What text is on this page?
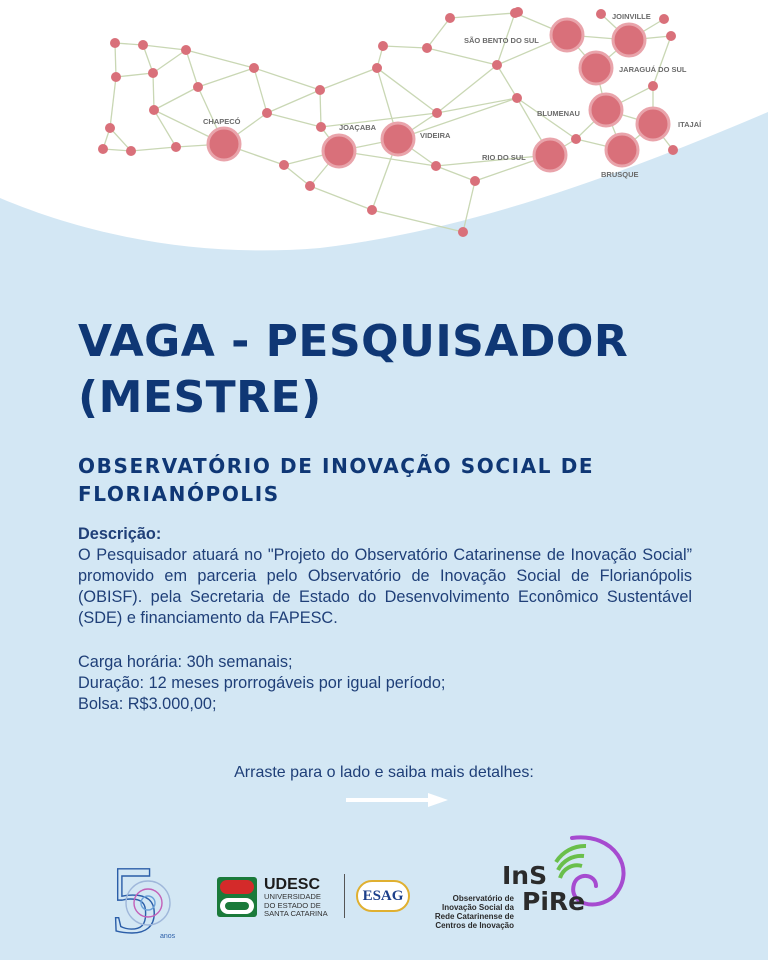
JOINVILLE
SÃO BENTO DO SUL
JARAGUÁ DO SUL
BLUMENAU
ITAJAÍ
CHAPECÓ
JOAÇABA
VIDEIRA
RIO DO SUL
BRUSQUE
VAGA - PESQUISADOR
(MESTRE)
OBSERVATÓRIO DE INOVAÇÃO SOCIAL DE
FLORIANÓPOLIS
Descrição:
O Pesquisador atuará no "Projeto do Observatório Catarinense de Inovação Social” promovido em parceria pelo Observatório de Inovação Social de Florianópolis (OBISF). pela Secretaria de Estado do Desenvolvimento Econômico Sustentável (SDE) e financiamento da FAPESC.
Carga horária: 30h semanais;
Duração: 12 meses prorrogáveis por igual período;
Bolsa: R$3.000,00;
Arraste para o lado e saiba mais detalhes:
5 anos
UDESC
UNIVERSIDADE
DO ESTADO DE
SANTA CATARINA
ESAG
InS
PiRe
Observatório de
Inovação Social da
Rede Catarinense de
Centros de Inovação
